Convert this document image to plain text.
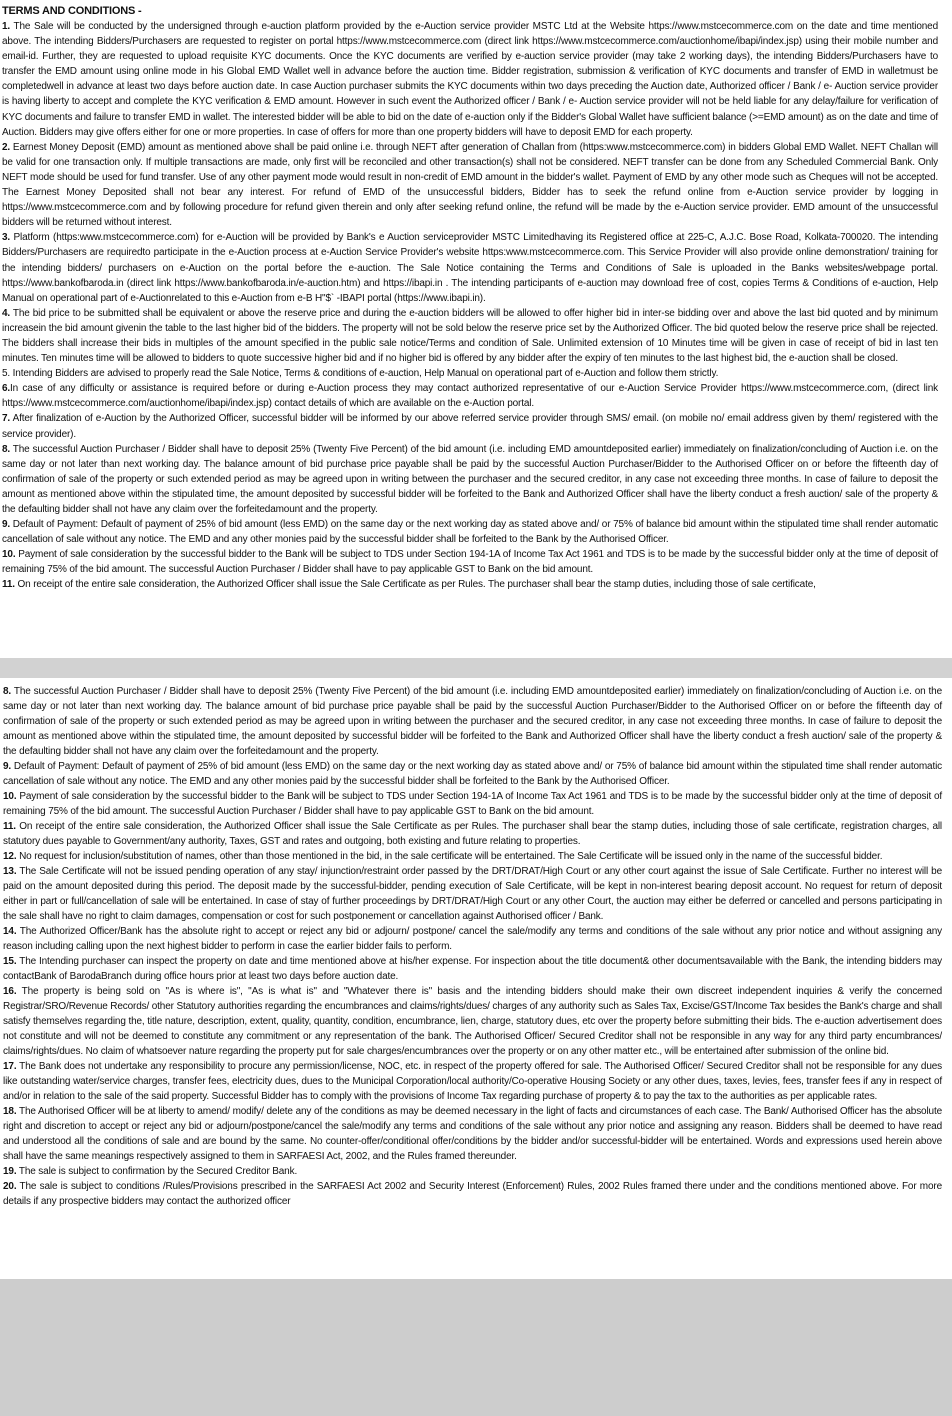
TERMS AND CONDITIONS -

1. The Sale will be conducted by the undersigned through e-auction platform provided by the e-Auction service provider MSTC Ltd at the Website https://www.mstcecommerce.com on the date and time mentioned above. The intending Bidders/Purchasers are requested to register on portal https://www.mstcecommerce.com (direct link https://www.mstcecommerce.com/auctionhome/ibapi/index.jsp) using their mobile number and email-id. Further, they are requested to upload requisite KYC documents. Once the KYC documents are verified by e-auction service provider (may take 2 working days), the intending Bidders/Purchasers have to transfer the EMD amount using online mode in his Global EMD Wallet well in advance before the auction time. Bidder registration, submission & verification of KYC documents and transfer of EMD in walletmust be completedwell in advance at least two days before auction date. In case Auction purchaser submits the KYC documents within two days preceding the Auction date, Authorized officer / Bank / e- Auction service provider is having liberty to accept and complete the KYC verification & EMD amount. However in such event the Authorized officer / Bank / e- Auction service provider will not be held liable for any delay/failure for verification of KYC documents and failure to transfer EMD in wallet. The interested bidder will be able to bid on the date of e-auction only if the Bidder's Global Wallet have sufficient balance (>=EMD amount) as on the date and time of Auction. Bidders may give offers either for one or more properties. In case of offers for more than one property bidders will have to deposit EMD for each property.

2. Earnest Money Deposit (EMD) amount as mentioned above shall be paid online i.e. through NEFT after generation of Challan from (https:www.mstcecommerce.com) in bidders Global EMD Wallet. NEFT Challan will be valid for one transaction only. If multiple transactions are made, only first will be reconciled and other transaction(s) shall not be considered. NEFT transfer can be done from any Scheduled Commercial Bank. Only NEFT mode should be used for fund transfer. Use of any other payment mode would result in non-credit of EMD amount in the bidder's wallet. Payment of EMD by any other mode such as Cheques will not be accepted. The Earnest Money Deposited shall not bear any interest. For refund of EMD of the unsuccessful bidders, Bidder has to seek the refund online from e-Auction service provider by logging in https://www.mstcecommerce.com and by following procedure for refund given therein and only after seeking refund online, the refund will be made by the e-Auction service provider. EMD amount of the unsuccessful bidders will be returned without interest.

3. Platform (https:www.mstcecommerce.com) for e-Auction will be provided by Bank's e Auction serviceprovider MSTC Limitedhaving its Registered office at 225-C, A.J.C. Bose Road, Kolkata-700020. The intending Bidders/Purchasers are requiredto participate in the e-Auction process at e-Auction Service Provider's website https:www.mstcecommerce.com. This Service Provider will also provide online demonstration/ training for the intending bidders/ purchasers on e-Auction on the portal before the e-auction. The Sale Notice containing the Terms and Conditions of Sale is uploaded in the Banks websites/webpage portal. https://www.bankofbaroda.in (direct link https://www.bankofbaroda.in/e-auction.htm) and https://ibapi.in . The intending participants of e-auction may download free of cost, copies Terms & Conditions of e-auction, Help Manual on operational part of e-Auctionrelated to this e-Auction from e-B H"$` -IBAPI portal (https://www.ibapi.in).

4. The bid price to be submitted shall be equivalent or above the reserve price and during the e-auction bidders will be allowed to offer higher bid in inter-se bidding over and above the last bid quoted and by minimum increasein the bid amount givenin the table to the last higher bid of the bidders. The property will not be sold below the reserve price set by the Authorized Officer. The bid quoted below the reserve price shall be rejected. The bidders shall increase their bids in multiples of the amount specified in the public sale notice/Terms and condition of Sale. Unlimited extension of 10 Minutes time will be given in case of receipt of bid in last ten minutes. Ten minutes time will be allowed to bidders to quote successive higher bid and if no higher bid is offered by any bidder after the expiry of ten minutes to the last highest bid, the e-auction shall be closed.

5. Intending Bidders are advised to properly read the Sale Notice, Terms & conditions of e-auction, Help Manual on operational part of e-Auction and follow them strictly.

6.In case of any difficulty or assistance is required before or during e-Auction process they may contact authorized representative of our e-Auction Service Provider https://www.mstcecommerce.com, (direct link https://www.mstcecommerce.com/auctionhome/ibapi/index.jsp) contact details of which are available on the e-Auction portal.

7. After finalization of e-Auction by the Authorized Officer, successful bidder will be informed by our above referred service provider through SMS/ email. (on mobile no/ email address given by them/ registered with the service provider).

8. The successful Auction Purchaser / Bidder shall have to deposit 25% (Twenty Five Percent) of the bid amount (i.e. including EMD amountdeposited earlier) immediately on finalization/concluding of Auction i.e. on the same day or not later than next working day. The balance amount of bid purchase price payable shall be paid by the successful Auction Purchaser/Bidder to the Authorised Officer on or before the fifteenth day of confirmation of sale of the property or such extended period as may be agreed upon in writing between the purchaser and the secured creditor, in any case not exceeding three months. In case of failure to deposit the amount as mentioned above within the stipulated time, the amount deposited by successful bidder will be forfeited to the Bank and Authorized Officer shall have the liberty conduct a fresh auction/ sale of the property & the defaulting bidder shall not have any claim over the forfeitedamount and the property.

9. Default of Payment: Default of payment of 25% of bid amount (less EMD) on the same day or the next working day as stated above and/ or 75% of balance bid amount within the stipulated time shall render automatic cancellation of sale without any notice. The EMD and any other monies paid by the successful bidder shall be forfeited to the Bank by the Authorised Officer.

10. Payment of sale consideration by the successful bidder to the Bank will be subject to TDS under Section 194-1A of Income Tax Act 1961 and TDS is to be made by the successful bidder only at the time of deposit of remaining 75% of the bid amount. The successful Auction Purchaser / Bidder shall have to pay applicable GST to Bank on the bid amount.

11. On receipt of the entire sale consideration, the Authorized Officer shall issue the Sale Certificate as per Rules. The purchaser shall bear the stamp duties, including those of sale certificate,

8. The successful Auction Purchaser / Bidder shall have to deposit 25% (Twenty Five Percent) of the bid amount (i.e. including EMD amountdeposited earlier) immediately on finalization/concluding of Auction i.e. on the same day or not later than next working day. The balance amount of bid purchase price payable shall be paid by the successful Auction Purchaser/Bidder to the Authorised Officer on or before the fifteenth day of confirmation of sale of the property or such extended period as may be agreed upon in writing between the purchaser and the secured creditor, in any case not exceeding three months. In case of failure to deposit the amount as mentioned above within the stipulated time, the amount deposited by successful bidder will be forfeited to the Bank and Authorized Officer shall have the liberty conduct a fresh auction/ sale of the property & the defaulting bidder shall not have any claim over the forfeitedamount and the property.

9. Default of Payment: Default of payment of 25% of bid amount (less EMD) on the same day or the next working day as stated above and/ or 75% of balance bid amount within the stipulated time shall render automatic cancellation of sale without any notice. The EMD and any other monies paid by the successful bidder shall be forfeited to the Bank by the Authorised Officer.

10. Payment of sale consideration by the successful bidder to the Bank will be subject to TDS under Section 194-1A of Income Tax Act 1961 and TDS is to be made by the successful bidder only at the time of deposit of remaining 75% of the bid amount. The successful Auction Purchaser / Bidder shall have to pay applicable GST to Bank on the bid amount.

11. On receipt of the entire sale consideration, the Authorized Officer shall issue the Sale Certificate as per Rules. The purchaser shall bear the stamp duties, including those of sale certificate, registration charges, all statutory dues payable to Government/any authority, Taxes, GST and rates and outgoing, both existing and future relating to properties.

12. No request for inclusion/substitution of names, other than those mentioned in the bid, in the sale certificate will be entertained. The Sale Certificate will be issued only in the name of the successful bidder.

13. The Sale Certificate will not be issued pending operation of any stay/ injunction/restraint order passed by the DRT/DRAT/High Court or any other court against the issue of Sale Certificate. Further no interest will be paid on the amount deposited during this period. The deposit made by the successful-bidder, pending execution of Sale Certificate, will be kept in non-interest bearing deposit account. No request for return of deposit either in part or full/cancellation of sale will be entertained. In case of stay of further proceedings by DRT/DRAT/High Court or any other Court, the auction may either be deferred or cancelled and persons participating in the sale shall have no right to claim damages, compensation or cost for such postponement or cancellation against Authorised officer / Bank.

14. The Authorized Officer/Bank has the absolute right to accept or reject any bid or adjourn/ postpone/ cancel the sale/modify any terms and conditions of the sale without any prior notice and without assigning any reason including calling upon the next highest bidder to perform in case the earlier bidder fails to perform.

15. The Intending purchaser can inspect the property on date and time mentioned above at his/her expense. For inspection about the title document& other documentsavailable with the Bank, the intending bidders may contactBank of BarodaBranch during office hours prior at least two days before auction date.

16. The property is being sold on "As is where is", "As is what is" and "Whatever there is" basis and the intending bidders should make their own discreet independent inquiries & verify the concerned Registrar/SRO/Revenue Records/ other Statutory authorities regarding the encumbrances and claims/rights/dues/ charges of any authority such as Sales Tax, Excise/GST/Income Tax besides the Bank's charge and shall satisfy themselves regarding the, title nature, description, extent, quality, quantity, condition, encumbrance, lien, charge, statutory dues, etc over the property before submitting their bids. The e-auction advertisement does not constitute and will not be deemed to constitute any commitment or any representation of the bank. The Authorised Officer/ Secured Creditor shall not be responsible in any way for any third party encumbrances/ claims/rights/dues. No claim of whatsoever nature regarding the property put for sale charges/encumbrances over the property or on any other matter etc., will be entertained after submission of the online bid.

17. The Bank does not undertake any responsibility to procure any permission/license, NOC, etc. in respect of the property offered for sale. The Authorised Officer/ Secured Creditor shall not be responsible for any dues like outstanding water/service charges, transfer fees, electricity dues, dues to the Municipal Corporation/local authority/Co-operative Housing Society or any other dues, taxes, levies, fees, transfer fees if any in respect of and/or in relation to the sale of the said property. Successful Bidder has to comply with the provisions of Income Tax regarding purchase of property & to pay the tax to the authorities as per applicable rates.

18. The Authorised Officer will be at liberty to amend/ modify/ delete any of the conditions as may be deemed necessary in the light of facts and circumstances of each case. The Bank/ Authorised Officer has the absolute right and discretion to accept or reject any bid or adjourn/postpone/cancel the sale/modify any terms and conditions of the sale without any prior notice and assigning any reason. Bidders shall be deemed to have read and understood all the conditions of sale and are bound by the same. No counter-offer/conditional offer/conditions by the bidder and/or successful-bidder will be entertained. Words and expressions used herein above shall have the same meanings respectively assigned to them in SARFAESI Act, 2002, and the Rules framed thereunder.

19. The sale is subject to confirmation by the Secured Creditor Bank.

20. The sale is subject to conditions /Rules/Provisions prescribed in the SARFAESI Act 2002 and Security Interest (Enforcement) Rules, 2002 Rules framed there under and the conditions mentioned above. For more details if any prospective bidders may contact the authorized officer
